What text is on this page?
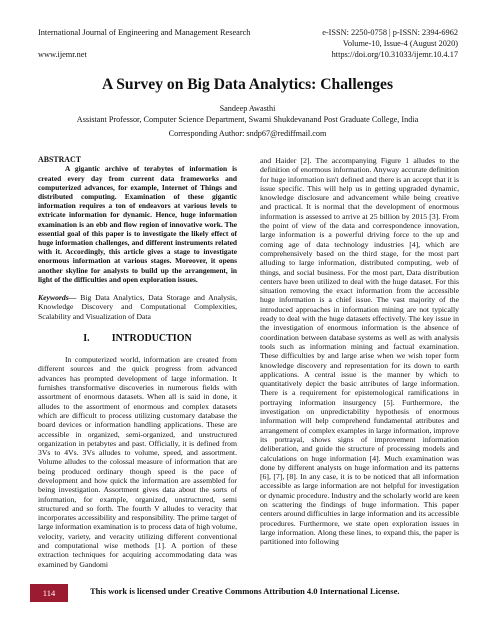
International Journal of Engineering and Management Research	e-ISSN: 2250-0758 | p-ISSN: 2394-6962
Volume-10, Issue-4 (August 2020)
www.ijemr.net	https://doi.org/10.31033/ijemr.10.4.17
A Survey on Big Data Analytics: Challenges
Sandeep Awasthi
Assistant Professor, Computer Science Department, Swami Shukdevanand Post Graduate College, India
Corresponding Author: sndp67@rediffmail.com
ABSTRACT

A gigantic archive of terabytes of information is created every day from current data frameworks and computerized advances, for example, Internet of Things and distributed computing. Examination of these gigantic information requires a ton of endeavors at various levels to extricate information for dynamic. Hence, huge information examination is an ebb and flow region of innovative work. The essential goal of this paper is to investigate the likely effect of huge information challenges, and different instruments related with it. Accordingly, this article gives a stage to investigate enormous information at various stages. Moreover, it opens another skyline for analysts to build up the arrangement, in light of the difficulties and open exploration issues.

Keywords— Big Data Analytics, Data Storage and Analysis, Knowledge Discovery and Computational Complexities, Scalability and Visualization of Data

I. INTRODUCTION

In computerized world, information are created from different sources and the quick progress from advanced advances has prompted development of large information. It furnishes transformative discoveries in numerous fields with assortment of enormous datasets. When all is said in done, it alludes to the assortment of enormous and complex datasets which are difficult to process utilizing customary database the board devices or information handling applications. These are accessible in organized, semi-organized, and unstructured organization in petabytes and past. Officially, it is defined from 3Vs to 4Vs. 3Vs alludes to volume, speed, and assortment. Volume alludes to the colossal measure of information that are being produced ordinary though speed is the pace of development and how quick the information are assembled for being investigation. Assortment gives data about the sorts of information, for example, organized, unstructured, semi structured and so forth. The fourth V alludes to veracity that incorporates accessibility and responsibility. The prime target of large information examination is to process data of high volume, velocity, variety, and veracity utilizing different conventional and computational wise methods [1]. A portion of these extraction techniques for acquiring accommodating data was examined by Gandomi

and Haider [2]. The accompanying Figure 1 alludes to the definition of enormous information. Anyway accurate definition for huge information isn't defined and there is an accept that it is issue specific. This will help us in getting upgraded dynamic, knowledge disclosure and advancement while being creative and practical. It is normal that the development of enormous information is assessed to arrive at 25 billion by 2015 [3]. From the point of view of the data and correspondence innovation, large information is a powerful driving force to the up and coming age of data technology industries [4], which are comprehensively based on the third stage, for the most part alluding to large information, distributed computing, web of things, and social business. For the most part, Data distribution centers have been utilized to deal with the huge dataset. For this situation removing the exact information from the accessible huge information is a chief issue. The vast majority of the introduced approaches in information mining are not typically ready to deal with the huge datasets effectively. The key issue in the investigation of enormous information is the absence of coordination between database systems as well as with analysis tools such as information mining and factual examination. These difficulties by and large arise when we wish toper form knowledge discovery and representation for its down to earth applications. A central issue is the manner by which to quantitatively depict the basic attributes of large information. There is a requirement for epistemological ramifications in portraying information insurgency [5]. Furthermore, the investigation on unpredictability hypothesis of enormous information will help comprehend fundamental attributes and arrangement of complex examples in large information, improve its portrayal, shows signs of improvement information deliberation, and guide the structure of processing models and calculations on huge information [4]. Much examination was done by different analysts on huge information and its patterns [6], [7], [8]. In any case, it is to be noticed that all information accessible as large information are not helpful for investigation or dynamic procedure. Industry and the scholarly world are keen on scattering the findings of huge information. This paper centers around difficulties in large information and its accessible procedures. Furthermore, we state open exploration issues in large information. Along these lines, to expand this, the paper is partitioned into following

114	This work is licensed under Creative Commons Attribution 4.0 International License.
